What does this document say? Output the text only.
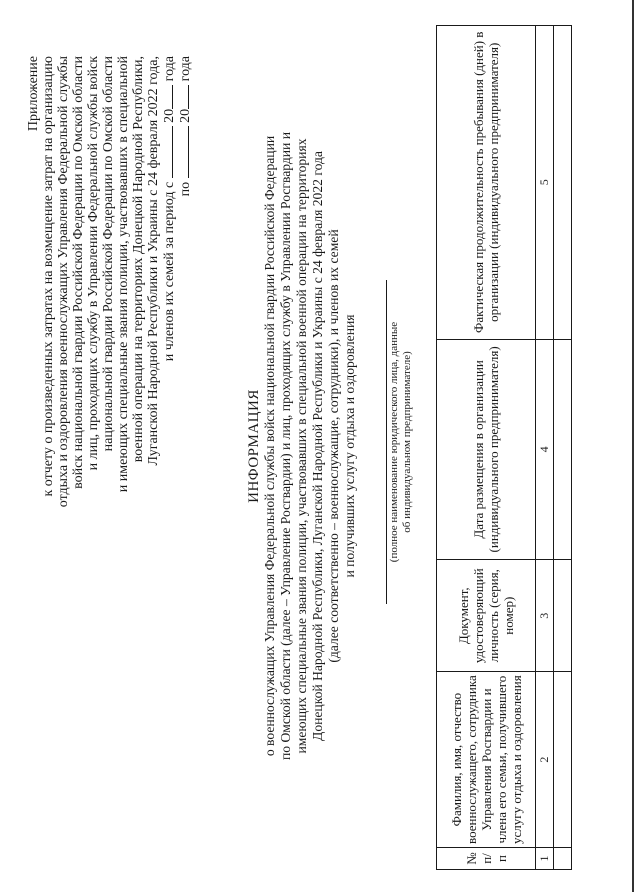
Приложение к отчету о произведенных затратах на возмещение затрат на организацию отдыха и оздоровления военнослужащих Управления Федеральной службы войск национальной гвардии Российской Федерации по Омской области и лиц, проходящих службу в Управлении Федеральной службы войск национальной гвардии Российской Федерации по Омской области и имеющих специальные звания полиции, участвовавших в специальной военной операции на территориях Донецкой Народной Республики, Луганской Народной Республики и Украины с 24 февраля 2022 года, и членов их семей за период с  20 года
по  20 года
ИНФОРМАЦИЯ о военнослужащих Управления Федеральной службы войск национальной гвардии Российской Федерации по Омской области (далее – Управление Росгвардии) и лиц, проходящих службу в Управлении Росгвардии и имеющих специальные звания полиции, участвовавших в специальной военной операции на территориях Донецкой Народной Республики, Луганской Народной Республики и Украины с 24 февраля 2022 года (далее соответственно – военнослужащие, сотрудники), и членов их семей и получивших услугу отдыха и оздоровления	(полное наименование юридического лица, данные об индивидуальном предпринимателе)
№ п/п	Фамилия, имя, отчество военнослужащего, сотрудника Управления Росгвардии и члена его семьи, получившего услугу отдыха и оздоровления	Документ, удостоверяющий личность (серия, номер)	Дата размещения в организации (индивидуального предпринимателя)	Фактическая продолжительность пребывания (дней) в организации (индивидуального предпринимателя)
1	2	3	4	5
